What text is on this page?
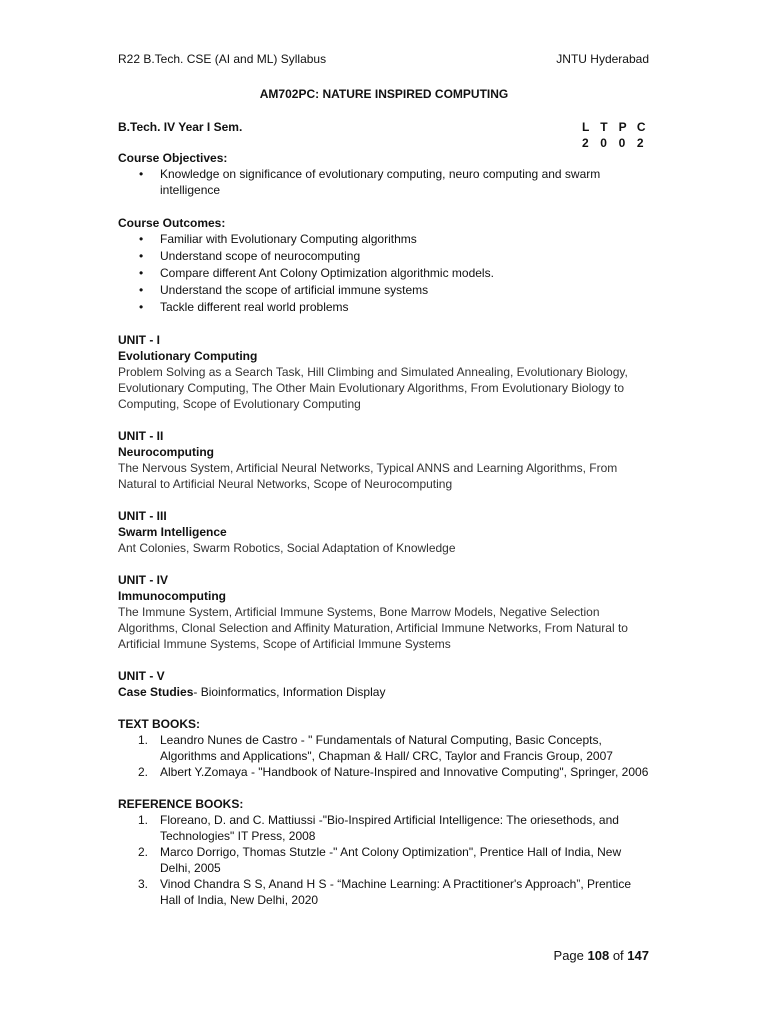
R22 B.Tech. CSE (AI and ML) Syllabus	JNTU Hyderabad
AM702PC: NATURE INSPIRED COMPUTING
B.Tech. IV Year I Sem.	L T P C
2 0 0 2
Course Objectives:
• Knowledge on significance of evolutionary computing, neuro computing and swarm intelligence
Course Outcomes:
• Familiar with Evolutionary Computing algorithms
• Understand scope of neurocomputing
• Compare different Ant Colony Optimization algorithmic models.
• Understand the scope of artificial immune systems
• Tackle different real world problems
UNIT - I
Evolutionary Computing
Problem Solving as a Search Task, Hill Climbing and Simulated Annealing, Evolutionary Biology, Evolutionary Computing, The Other Main Evolutionary Algorithms, From Evolutionary Biology to Computing, Scope of Evolutionary Computing
UNIT - II
Neurocomputing
The Nervous System, Artificial Neural Networks, Typical ANNS and Learning Algorithms, From Natural to Artificial Neural Networks, Scope of Neurocomputing
UNIT - III
Swarm Intelligence
Ant Colonies, Swarm Robotics, Social Adaptation of Knowledge
UNIT - IV
Immunocomputing
The Immune System, Artificial Immune Systems, Bone Marrow Models, Negative Selection Algorithms, Clonal Selection and Affinity Maturation, Artificial Immune Networks, From Natural to Artificial Immune Systems, Scope of Artificial Immune Systems
UNIT - V
Case Studies- Bioinformatics, Information Display
TEXT BOOKS:
1. Leandro Nunes de Castro - " Fundamentals of Natural Computing, Basic Concepts, Algorithms and Applications", Chapman & Hall/ CRC, Taylor and Francis Group, 2007
2. Albert Y.Zomaya - "Handbook of Nature-Inspired and Innovative Computing", Springer, 2006
REFERENCE BOOKS:
1. Floreano, D. and C. Mattiussi -"Bio-Inspired Artificial Intelligence: The oriesethods, and Technologies" IT Press, 2008
2. Marco Dorrigo, Thomas Stutzle -" Ant Colony Optimization", Prentice Hall of India, New Delhi, 2005
3. Vinod Chandra S S, Anand H S - “Machine Learning: A Practitioner's Approach”, Prentice Hall of India, New Delhi, 2020
Page 108 of 147
